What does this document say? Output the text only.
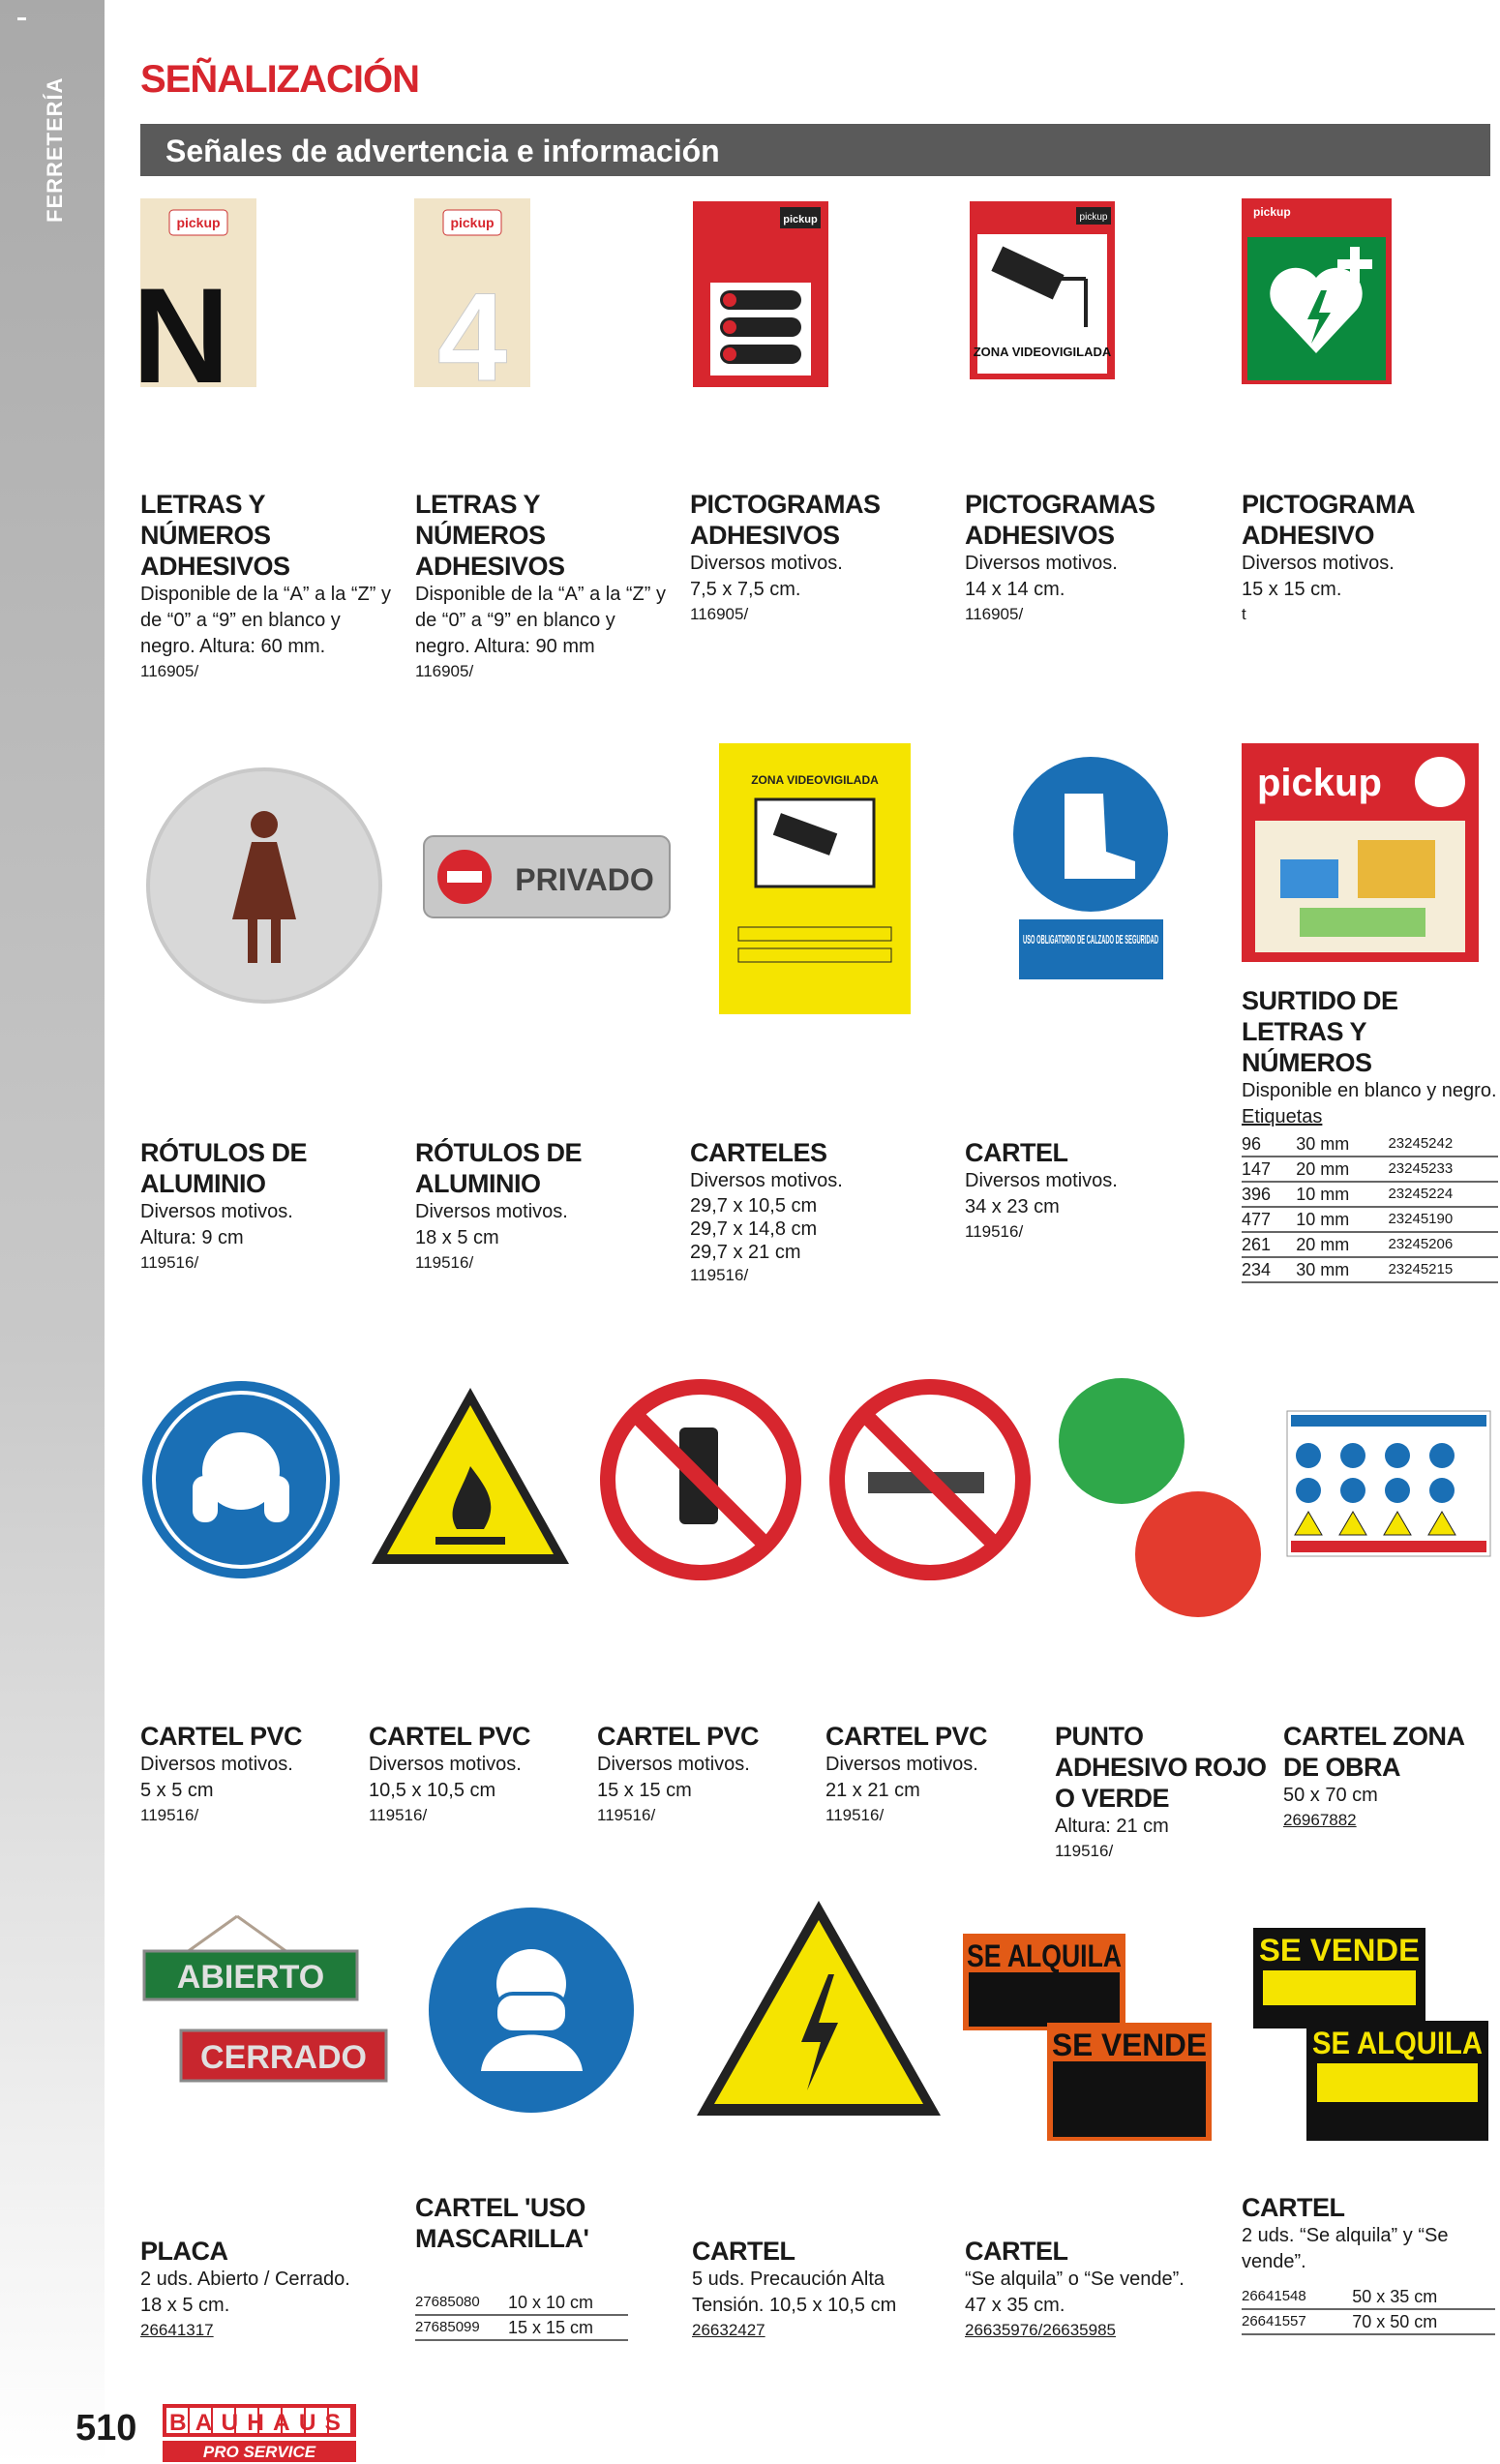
FERRETERÍA SEÑALIZACIÓN
Señales de advertencia e información
pickup
N
pickup
4
pickup	pickup
ZONA VIDEOVIGILADA
pickup
LETRAS Y NÚMEROS ADHESIVOS
Disponible de la “A” a la “Z” y de “0” a “9” en blanco y negro. Altura: 60 mm.
116905/
LETRAS Y NÚMEROS ADHESIVOS
Disponible de la “A” a la “Z” y de “0” a “9” en blanco y negro. Altura: 90 mm
116905/
PICTOGRAMAS ADHESIVOS
Diversos motivos.
7,5 x 7,5 cm.
116905/
PICTOGRAMAS ADHESIVOS
Diversos motivos.
14 x 14 cm.
116905/
PICTOGRAMA ADHESIVO
Diversos motivos.
15 x 15 cm.
t
PRIVADO
ZONA VIDEOVIGILADA
USO OBLIGATORIO DE CALZADO DE SEGURIDAD
pickup
RÓTULOS DE ALUMINIO
Diversos motivos.
Altura: 9 cm
119516/
RÓTULOS DE ALUMINIO
Diversos motivos.
18 x 5 cm
119516/
CARTELES
Diversos motivos.
29,7 x 10,5 cm
29,7 x 14,8 cm
29,7 x 21 cm
119516/
CARTEL
Diversos motivos.
34 x 23 cm
119516/
SURTIDO DE LETRAS Y NÚMEROS
Disponible en blanco y negro.
Etiquetas
96	30 mm	23245242
147	20 mm	23245233
396	10 mm	23245224
477	10 mm	23245190
261	20 mm	23245206
234	30 mm	23245215
CARTEL PVC
Diversos motivos.
5 x 5 cm
119516/
CARTEL PVC
Diversos motivos.
10,5 x 10,5 cm
119516/
CARTEL PVC
Diversos motivos.
15 x 15 cm
119516/
CARTEL PVC
Diversos motivos.
21 x 21 cm
119516/
PUNTO ADHESIVO ROJO O VERDE
Altura: 21 cm
119516/
CARTEL ZONA DE OBRA
50 x 70 cm
26967882
ABIERTO
CERRADO
SE ALQUILA
SE VENDE
SE VENDE
SE ALQUILA
PLACA
2 uds. Abierto / Cerrado.
18 x 5 cm.
26641317
CARTEL 'USO MASCARILLA'
27685080	10 x 10 cm
27685099	15 x 15 cm
CARTEL
5 uds. Precaución Alta Tensión. 10,5 x 10,5 cm
26632427
CARTEL
“Se alquila” o “Se vende”.
47 x 35 cm.
26635976/26635985
CARTEL
2 uds. “Se alquila” y “Se vende”.
26641548	50 x 35 cm
26641557	70 x 50 cm
510 BAUHAUS
PRO SERVICE
